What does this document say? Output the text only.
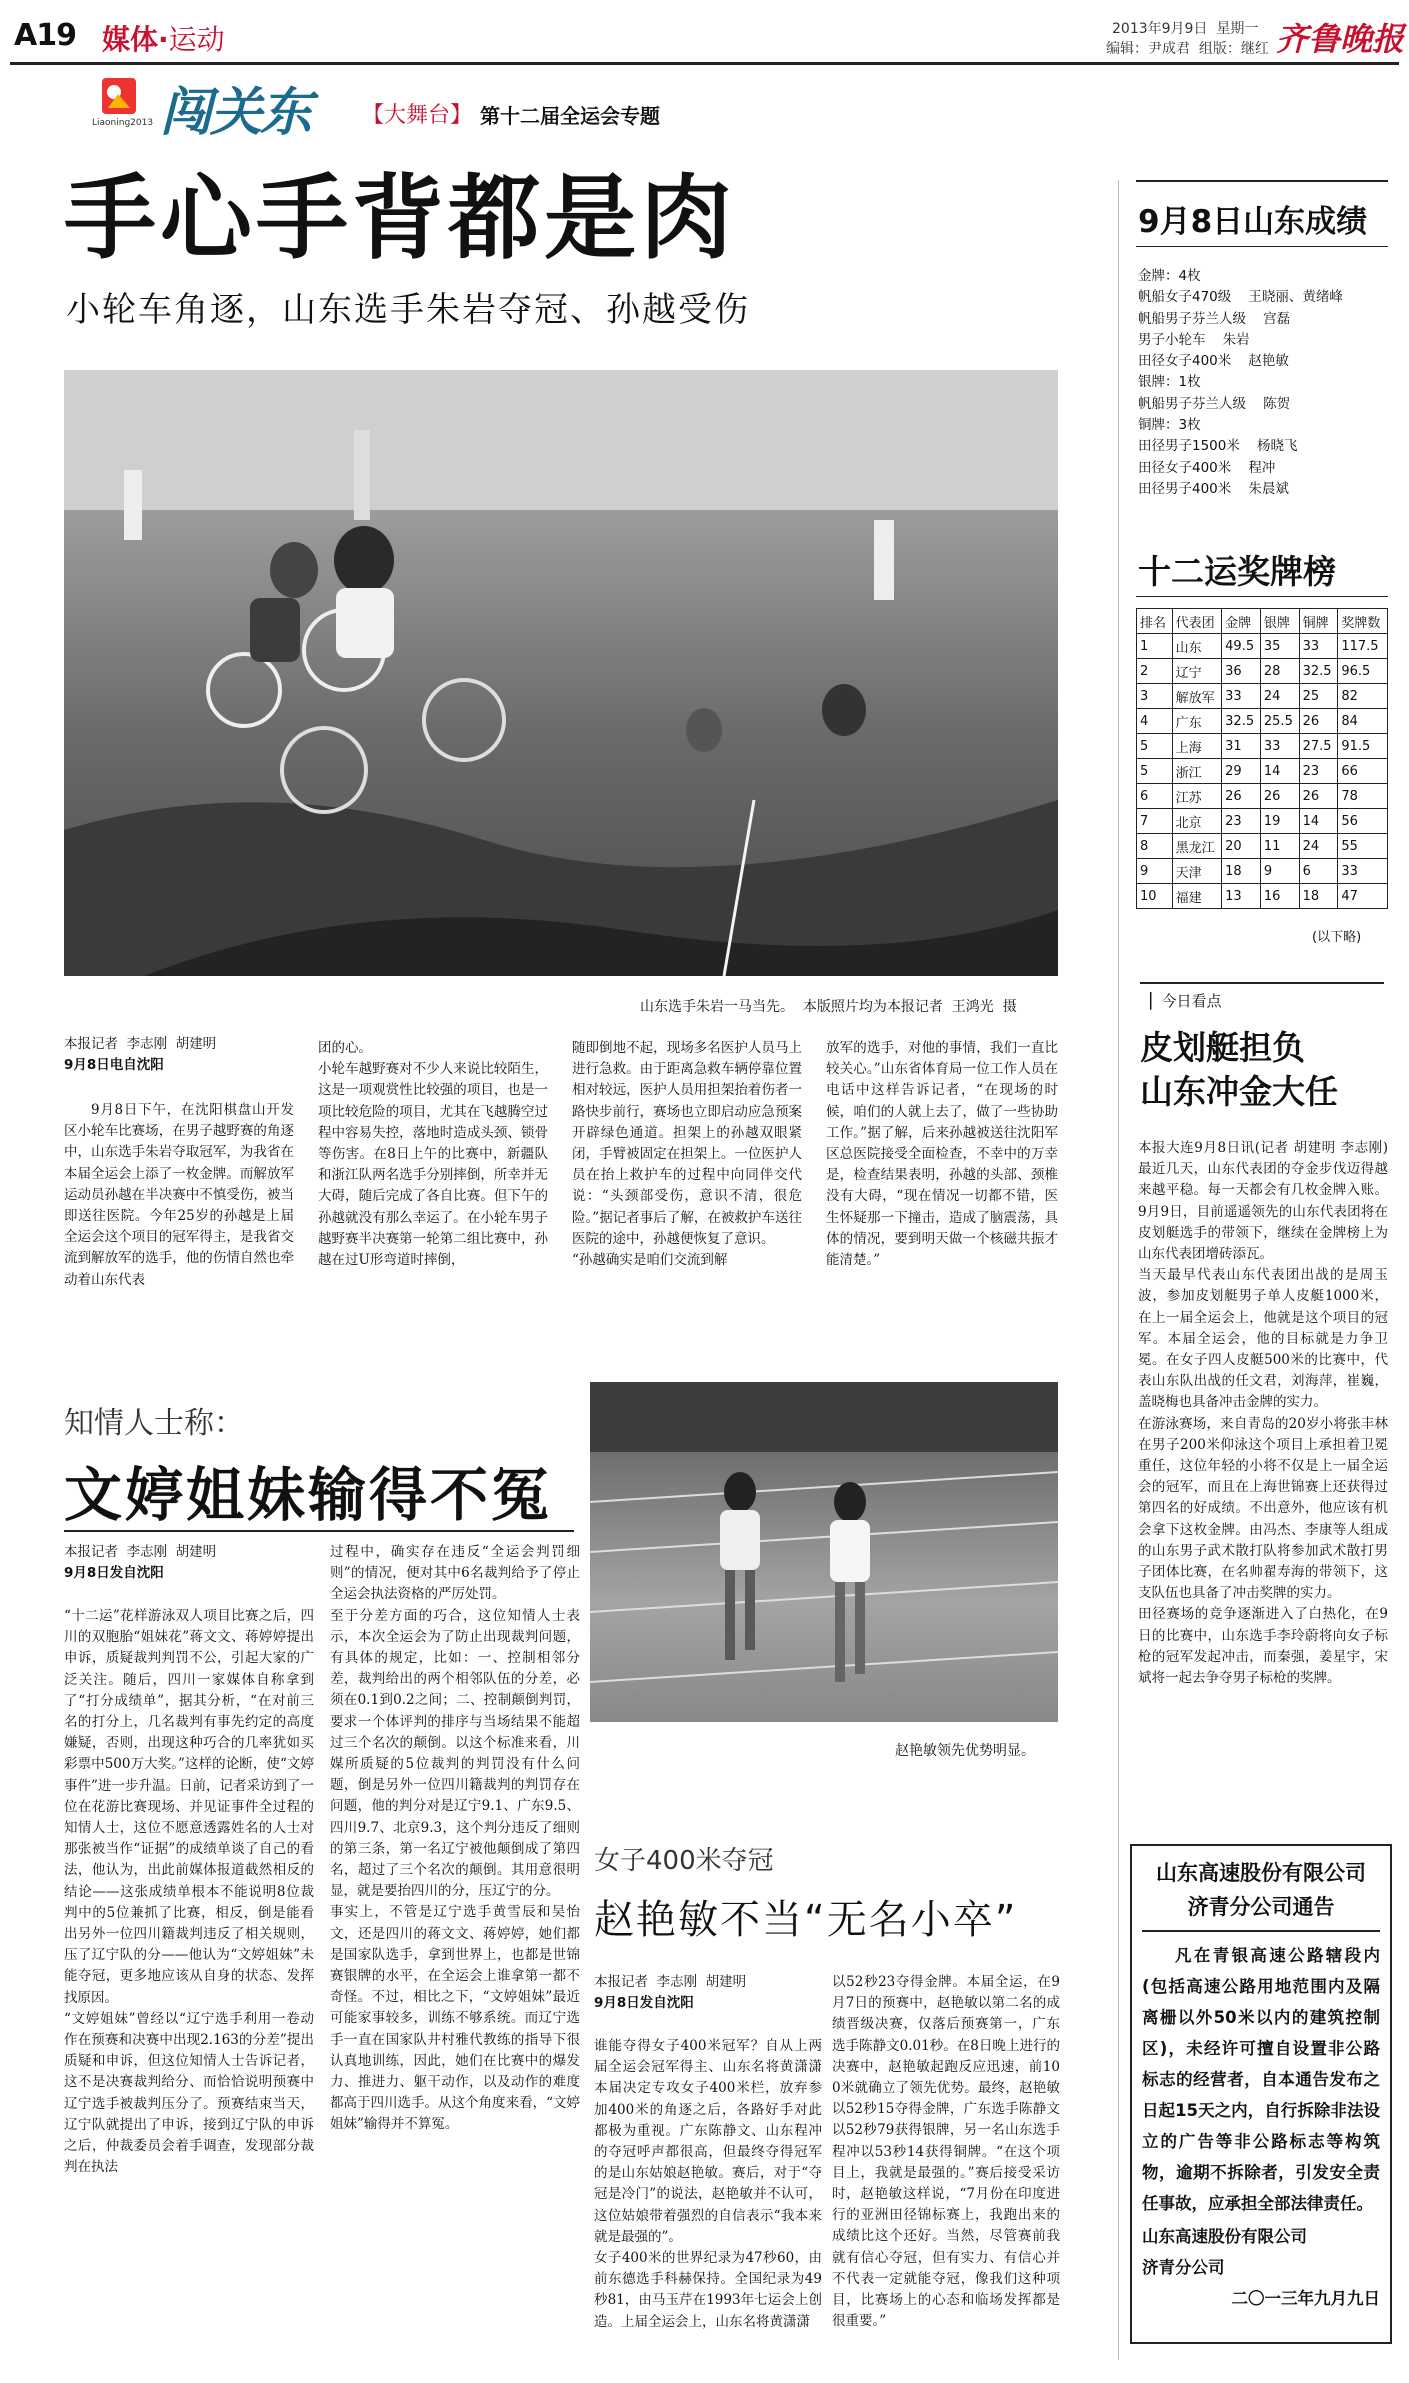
A19 媒体·运动	2013年9月9日 星期一
编辑：尹成君 组版：继红 齐鲁晚报
Liaoning2013 闯关东 【大舞台】 第十二届全运会专题
手心手背都是肉
小轮车角逐，山东选手朱岩夺冠、孙越受伤
山东选手朱岩一马当先。  本版照片均为本报记者  王鸿光  摄
本报记者  李志刚  胡建明
9月8日电自沈阳

9月8日下午，在沈阳棋盘山开发区小轮车比赛场，在男子越野赛的角逐中，山东选手朱岩夺取冠军，为我省在本届全运会上添了一枚金牌。而解放军运动员孙越在半决赛中不慎受伤，被当即送往医院。今年25岁的孙越是上届全运会这个项目的冠军得主，是我省交流到解放军的选手，他的伤情自然也牵动着山东代表

团的心。
小轮车越野赛对不少人来说比较陌生，这是一项观赏性比较强的项目，也是一项比较危险的项目，尤其在飞越腾空过程中容易失控，落地时造成头颈、锁骨等伤害。在8日上午的比赛中，新疆队和浙江队两名选手分别摔倒，所幸并无大碍，随后完成了各自比赛。但下午的孙越就没有那么幸运了。在小轮车男子越野赛半决赛第一轮第二组比赛中，孙越在过U形弯道时摔倒，
随即倒地不起，现场多名医护人员马上进行急救。由于距离急救车辆停靠位置相对较远，医护人员用担架抬着伤者一路快步前行，赛场也立即启动应急预案开辟绿色通道。担架上的孙越双眼紧闭，手臂被固定在担架上。一位医护人员在抬上救护车的过程中向同伴交代说：“头颈部受伤，意识不清，很危险。”据记者事后了解，在被救护车送往医院的途中，孙越便恢复了意识。
“孙越确实是咱们交流到解
放军的选手，对他的事情，我们一直比较关心。”山东省体育局一位工作人员在电话中这样告诉记者，“在现场的时候，咱们的人就上去了，做了一些协助工作。”据了解，后来孙越被送往沈阳军区总医院接受全面检查，不幸中的万幸是，检查结果表明，孙越的头部、颈椎没有大碍，“现在情况一切都不错，医生怀疑那一下撞击，造成了脑震荡，具体的情况，要到明天做一个核磁共振才能清楚。”
知情人士称：
文婷姐妹输得不冤
本报记者  李志刚  胡建明
9月8日发自沈阳
“十二运”花样游泳双人项目比赛之后，四川的双胞胎“姐妹花”蒋文文、蒋婷婷提出申诉，质疑裁判判罚不公，引起大家的广泛关注。随后，四川一家媒体自称拿到了“打分成绩单”，据其分析，“在对前三名的打分上，几名裁判有事先约定的高度嫌疑，否则，出现这种巧合的几率犹如买彩票中500万大奖。”这样的论断，使“文婷事件”进一步升温。日前，记者采访到了一位在花游比赛现场、并见证事件全过程的知情人士，这位不愿意透露姓名的人士对那张被当作“证据”的成绩单谈了自己的看法，他认为，出此前媒体报道截然相反的结论——这张成绩单根本不能说明8位裁判中的5位兼抓了比赛，相反，倒是能看出另外一位四川籍裁判违反了相关规则，压了辽宁队的分——他认为“文婷姐妹”未能夺冠，更多地应该从自身的状态、发挥找原因。
“文婷姐妹”曾经以“辽宁选手利用一卷动作在预赛和决赛中出现2.163的分差”提出质疑和申诉，但这位知情人士告诉记者，这不是决赛裁判给分、而恰恰说明预赛中辽宁选手被裁判压分了。预赛结束当天，辽宁队就提出了申诉，接到辽宁队的申诉之后，仲裁委员会着手调查，发现部分裁判在执法
过程中，确实存在违反“全运会判罚细则”的情况，便对其中6名裁判给予了停止全运会执法资格的严厉处罚。
至于分差方面的巧合，这位知情人士表示，本次全运会为了防止出现裁判问题，有具体的规定，比如：一、控制相邻分差，裁判给出的两个相邻队伍的分差，必须在0.1到0.2之间；二、控制颠倒判罚，要求一个体评判的排序与当场结果不能超过三个名次的颠倒。以这个标准来看，川媒所质疑的5位裁判的判罚没有什么问题，倒是另外一位四川籍裁判的判罚存在问题，他的判分对是辽宁9.1、广东9.5、四川9.7、北京9.3，这个判分违反了细则的第三条，第一名辽宁被他颠倒成了第四名，超过了三个名次的颠倒。其用意很明显，就是要抬四川的分，压辽宁的分。
事实上，不管是辽宁选手黄雪辰和吴怡文，还是四川的蒋文文、蒋婷婷，她们都是国家队选手，拿到世界上，也都是世锦赛银牌的水平，在全运会上谁拿第一都不奇怪。不过，相比之下，“文婷姐妹”最近可能家事较多，训练不够系统。而辽宁选手一直在国家队井村雅代教练的指导下很认真地训练，因此，她们在比赛中的爆发力、推进力、躯干动作，以及动作的难度都高于四川选手。从这个角度来看，“文婷姐妹”输得并不算冤。
赵艳敏领先优势明显。
女子400米夺冠
赵艳敏不当“无名小卒”
本报记者  李志刚  胡建明
9月8日发自沈阳
谁能夺得女子400米冠军？自从上两届全运会冠军得主、山东名将黄潇潇本届决定专攻女子400米栏，放弃参加400米的角逐之后，各路好手对此都极为重视。广东陈静文、山东程冲的夺冠呼声都很高，但最终夺得冠军的是山东姑娘赵艳敏。赛后，对于“夺冠是冷门”的说法，赵艳敏并不认可，这位姑娘带着强烈的自信表示“我本来就是最强的”。
女子400米的世界纪录为47秒60，由前东德选手科赫保持。全国纪录为49秒81，由马玉芹在1993年七运会上创造。上届全运会上，山东名将黄潇潇
以52秒23夺得金牌。本届全运，在9月7日的预赛中，赵艳敏以第二名的成绩晋级决赛，仅落后预赛第一，广东选手陈静文0.01秒。在8日晚上进行的决赛中，赵艳敏起跑反应迅速，前100米就确立了领先优势。最终，赵艳敏以52秒15夺得金牌，广东选手陈静文以52秒79获得银牌，另一名山东选手程冲以53秒14获得铜牌。“在这个项目上，我就是最强的。”赛后接受采访时，赵艳敏这样说，“7月份在印度进行的亚洲田径锦标赛上，我跑出来的成绩比这个还好。当然，尽管赛前我就有信心夺冠，但有实力、有信心并不代表一定就能夺冠，像我们这种项目，比赛场上的心态和临场发挥都是很重要。”
9月8日山东成绩
金牌：4枚
帆船女子470级    王晓丽、黄绪峰
帆船男子芬兰人级    宫磊
男子小轮车    朱岩
田径女子400米    赵艳敏
银牌：1枚
帆船男子芬兰人级    陈贺
铜牌：3枚
田径男子1500米    杨晓飞
田径女子400米    程冲
田径男子400米    朱晨斌
十二运奖牌榜
排名	代表团	金牌	银牌	铜牌	奖牌数
1	山东	49.5	35	33	117.5
2	辽宁	36	28	32.5	96.5
3	解放军	33	24	25	82
4	广东	32.5	25.5	26	84
5	上海	31	33	27.5	91.5
5	浙江	29	14	23	66
6	江苏	26	26	26	78
7	北京	23	19	14	56
8	黑龙江	20	11	24	55
9	天津	18	9	6	33
10	福建	13	16	18	47
(以下略)
▏今日看点
皮划艇担负
山东冲金大任
本报大连9月8日讯(记者 胡建明 李志刚) 最近几天，山东代表团的夺金步伐迈得越来越平稳。每一天都会有几枚金牌入账。9月9日，目前遥遥领先的山东代表团将在皮划艇选手的带领下，继续在金牌榜上为山东代表团增砖添瓦。
当天最早代表山东代表团出战的是周玉波，参加皮划艇男子单人皮艇1000米，在上一届全运会上，他就是这个项目的冠军。本届全运会，他的目标就是力争卫冕。在女子四人皮艇500米的比赛中，代表山东队出战的任文君，刘海萍，崔巍，盖晓梅也具备冲击金牌的实力。
在游泳赛场，来自青岛的20岁小将张丰林在男子200米仰泳这个项目上承担着卫冕重任，这位年轻的小将不仅是上一届全运会的冠军，而且在上海世锦赛上还获得过第四名的好成绩。不出意外，他应该有机会拿下这枚金牌。由冯杰、李康等人组成的山东男子武术散打队将参加武术散打男子团体比赛，在名帅翟寿海的带领下，这支队伍也具备了冲击奖牌的实力。
田径赛场的竞争逐渐进入了白热化，在9日的比赛中，山东选手李玲蔚将向女子标枪的冠军发起冲击，而秦强，姜星宇，宋斌将一起去争夺男子标枪的奖牌。
山东高速股份有限公司
济青分公司通告
凡在青银高速公路辖段内(包括高速公路用地范围内及隔离栅以外50米以内的建筑控制区)，未经许可擅自设置非公路标志的经营者，自本通告发布之日起15天之内，自行拆除非法设立的广告等非公路标志等构筑物，逾期不拆除者，引发安全责任事故，应承担全部法律责任。
山东高速股份有限公司
济青分公司
二〇一三年九月九日
